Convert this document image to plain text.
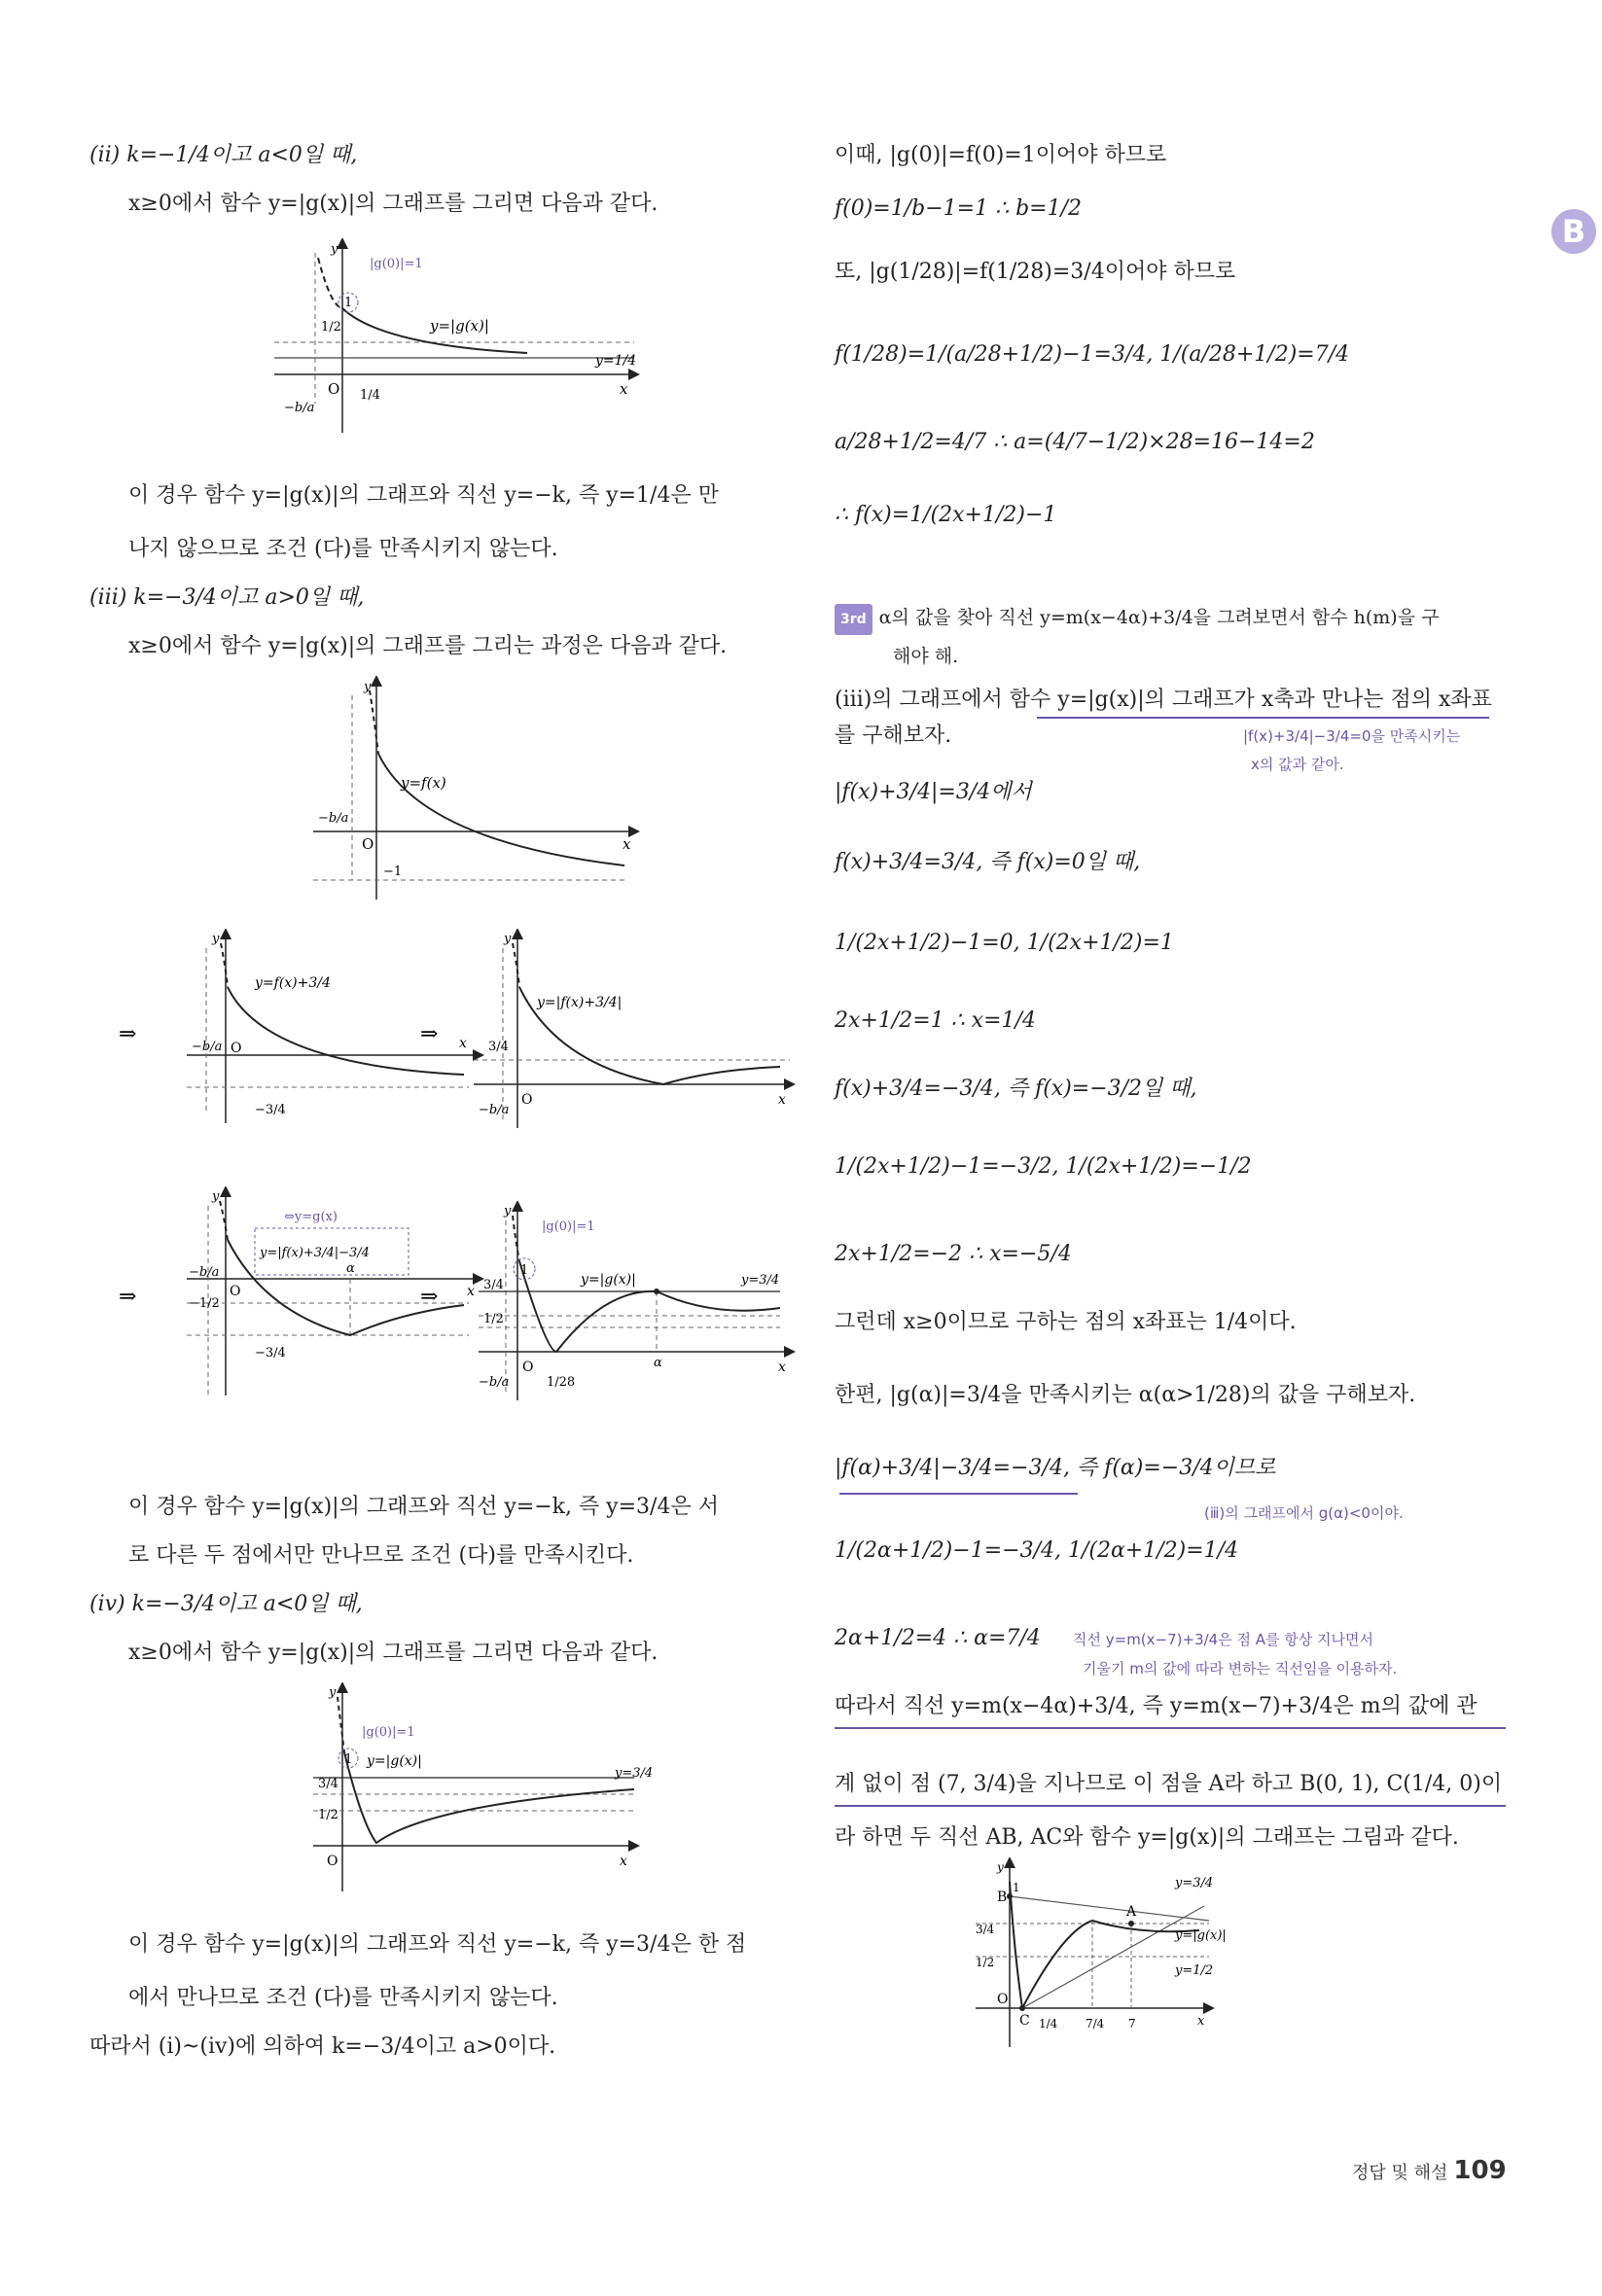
B
(ⅱ) k=−1/4이고 a<0일 때,
x≥0에서 함수 y=|g(x)|의 그래프를 그리면 다음과 같다.
|g(0)|=1
1
1/2	y=|g(x)|
y=1/4
1/4
−b/a
O	x
y
이 경우 함수 y=|g(x)|의 그래프와 직선 y=−k, 즉 y=1/4은 만
나지 않으므로 조건 (다)를 만족시키지 않는다.
(ⅲ) k=−3/4이고 a>0일 때,
x≥0에서 함수 y=|g(x)|의 그래프를 그리는 과정은 다음과 같다.
y=f(x)
−b/a
O
−1
x
y
⇒
y=f(x)+3/4
−b/a O
−3/4
x
y
⇒
y=|f(x)+3/4|
3/4
−b/a
O	x
y
⇒
⇔y=g(x)
y=|f(x)+3/4|−3/4
−b/a
−1/2
O
−3/4
α
x
y
⇒
|g(0)|=1
1
y=|g(x)|	y=3/4
3/4
1/2
−b/a
O
1/28
α	x
y
이 경우 함수 y=|g(x)|의 그래프와 직선 y=−k, 즉 y=3/4은 서
로 다른 두 점에서만 만나므로 조건 (다)를 만족시킨다.
(ⅳ) k=−3/4이고 a<0일 때,
x≥0에서 함수 y=|g(x)|의 그래프를 그리면 다음과 같다.
|g(0)|=1
1 y=|g(x)|
y=3/4
3/4
1/2
O	x
y
이 경우 함수 y=|g(x)|의 그래프와 직선 y=−k, 즉 y=3/4은 한 점
에서 만나므로 조건 (다)를 만족시키지 않는다.
따라서 (ⅰ)~(ⅳ)에 의하여 k=−3/4이고 a>0이다.
이때, |g(0)|=f(0)=1이어야 하므로
f(0)=1/b−1=1 ∴ b=1/2
또, |g(1/28)|=f(1/28)=3/4이어야 하므로
f(1/28)=1/(a/28+1/2)−1=3/4, 1/(a/28+1/2)=7/4
a/28+1/2=4/7 ∴ a=(4/7−1/2)×28=16−14=2
∴ f(x)=1/(2x+1/2)−1
3rd α의 값을 찾아 직선 y=m(x−4α)+3/4을 그려보면서 함수 h(m)을 구
해야 해.
(ⅲ)의 그래프에서 함수 y=|g(x)|의 그래프가 x축과 만나는 점의 x좌표
를 구해보자.	|f(x)+3/4|−3/4=0을 만족시키는
x의 값과 같아.
|f(x)+3/4|=3/4에서
f(x)+3/4=3/4, 즉 f(x)=0일 때,
1/(2x+1/2)−1=0, 1/(2x+1/2)=1
2x+1/2=1 ∴ x=1/4
f(x)+3/4=−3/4, 즉 f(x)=−3/2일 때,
1/(2x+1/2)−1=−3/2, 1/(2x+1/2)=−1/2
2x+1/2=−2 ∴ x=−5/4
그런데 x≥0이므로 구하는 점의 x좌표는 1/4이다.
한편, |g(α)|=3/4을 만족시키는 α(α>1/28)의 값을 구해보자.
|f(α)+3/4|−3/4=−3/4, 즉 f(α)=−3/4이므로
(ⅲ)의 그래프에서 g(α)<0이야.
1/(2α+1/2)−1=−3/4, 1/(2α+1/2)=1/4
2α+1/2=4 ∴ α=7/4 직선 y=m(x−7)+3/4은 점 A를 항상 지나면서
기울기 m의 값에 따라 변하는 직선임을 이용하자.
따라서 직선 y=m(x−4α)+3/4, 즉 y=m(x−7)+3/4은 m의 값에 관
계 없이 점 (7, 3/4)을 지나므로 이 점을 A라 하고 B(0, 1), C(1/4, 0)이
라 하면 두 직선 AB, AC와 함수 y=|g(x)|의 그래프는 그림과 같다.
B
1
A
C
O
3/4
1/2
y=3/4
y=|g(x)|
y=1/2
1/4 7/4 7	x
y
정답 및 해설 109
